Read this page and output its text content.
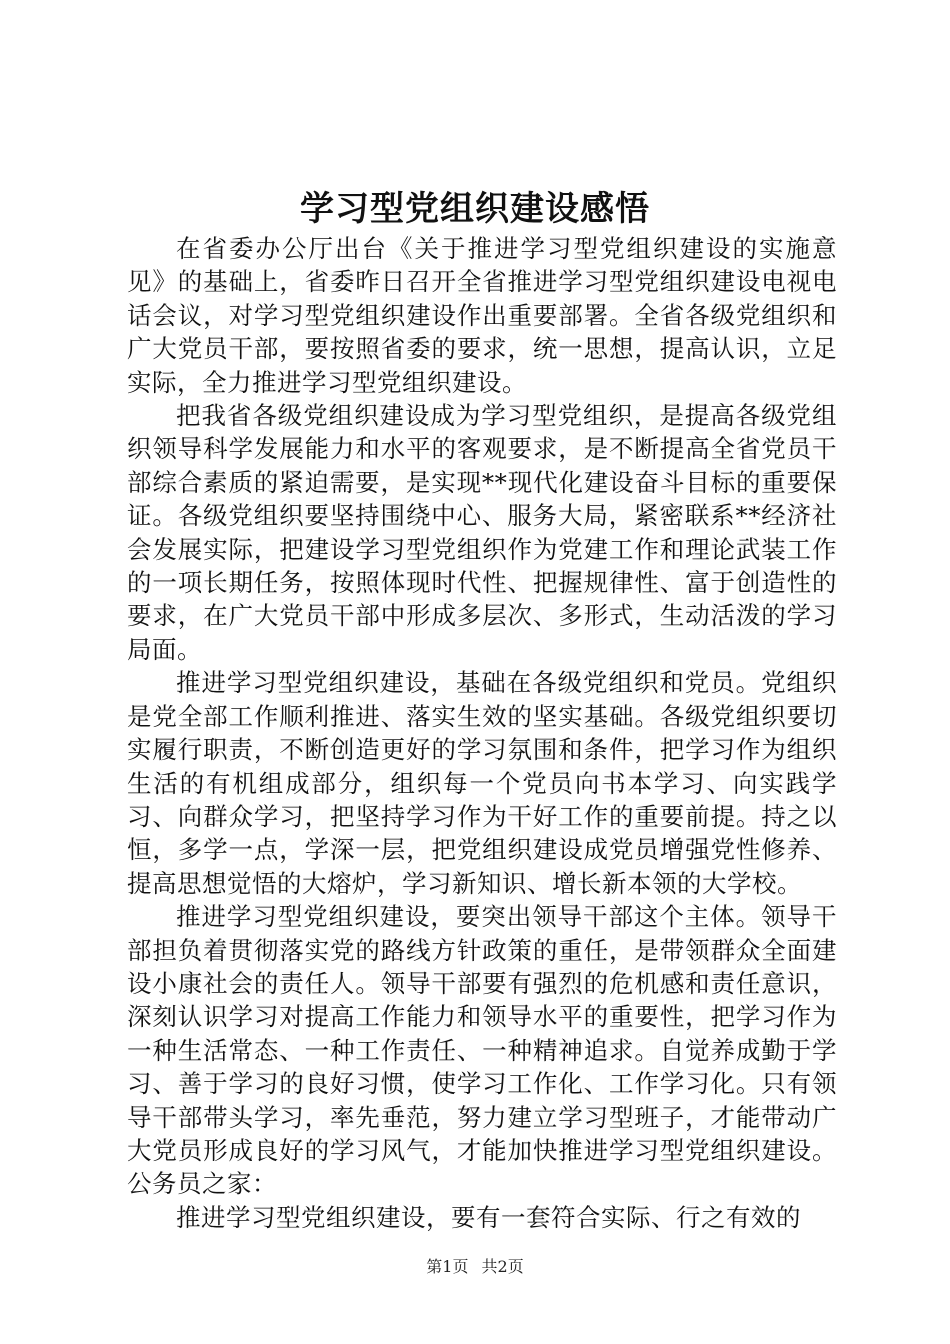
学习型党组织建设感悟

在省委办公厅出台《关于推进学习型党组织建设的实施意见》的基础上，省委昨日召开全省推进学习型党组织建设电视电话会议，对学习型党组织建设作出重要部署。全省各级党组织和广大党员干部，要按照省委的要求，统一思想，提高认识，立足实际，全力推进学习型党组织建设。

把我省各级党组织建设成为学习型党组织，是提高各级党组织领导科学发展能力和水平的客观要求，是不断提高全省党员干部综合素质的紧迫需要，是实现**现代化建设奋斗目标的重要保证。各级党组织要坚持围绕中心、服务大局，紧密联系**经济社会发展实际，把建设学习型党组织作为党建工作和理论武装工作的一项长期任务，按照体现时代性、把握规律性、富于创造性的要求，在广大党员干部中形成多层次、多形式，生动活泼的学习局面。

推进学习型党组织建设，基础在各级党组织和党员。党组织是党全部工作顺利推进、落实生效的坚实基础。各级党组织要切实履行职责，不断创造更好的学习氛围和条件，把学习作为组织生活的有机组成部分，组织每一个党员向书本学习、向实践学习、向群众学习，把坚持学习作为干好工作的重要前提。持之以恒，多学一点，学深一层，把党组织建设成党员增强党性修养、提高思想觉悟的大熔炉，学习新知识、增长新本领的大学校。

推进学习型党组织建设，要突出领导干部这个主体。领导干部担负着贯彻落实党的路线方针政策的重任，是带领群众全面建设小康社会的责任人。领导干部要有强烈的危机感和责任意识，深刻认识学习对提高工作能力和领导水平的重要性，把学习作为一种生活常态、一种工作责任、一种精神追求。自觉养成勤于学习、善于学习的良好习惯，使学习工作化、工作学习化。只有领导干部带头学习，率先垂范，努力建立学习型班子，才能带动广大党员形成良好的学习风气，才能加快推进学习型党组织建设。公务员之家：

推进学习型党组织建设，要有一套符合实际、行之有效的

第1页 共2页
